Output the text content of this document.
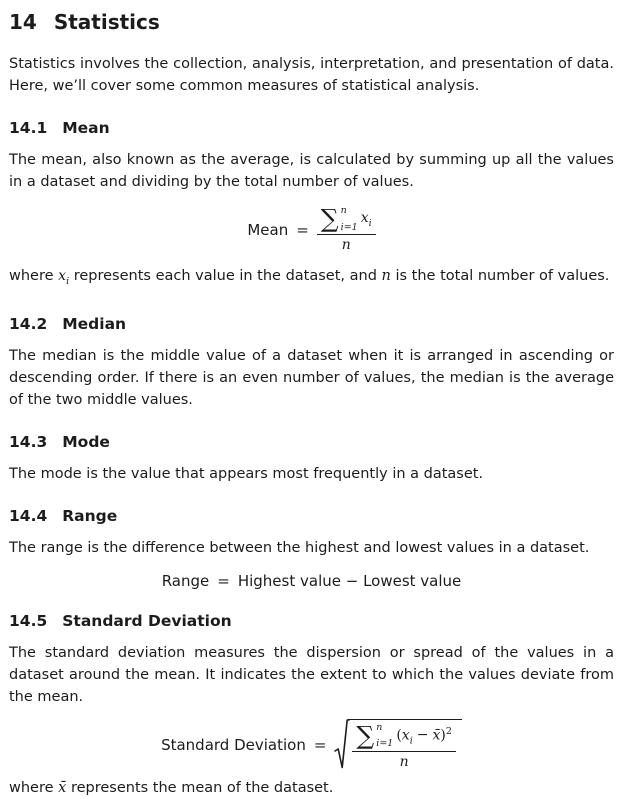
14 Statistics

Statistics involves the collection, analysis, interpretation, and presentation of data. Here, we’ll cover some common measures of statistical analysis.

14.1 Mean

The mean, also known as the average, is calculated by summing up all the values in a dataset and dividing by the total number of values.

Mean = ∑ n
i=1
$x_i$
n

where $x_i$ represents each value in the dataset, and n is the total number of values.

14.2 Median

The median is the middle value of a dataset when it is arranged in ascending or descending order. If there is an even number of values, the median is the average of the two middle values.

14.3 Mode

The mode is the value that appears most frequently in a dataset.

14.4 Range

The range is the difference between the highest and lowest values in a dataset.

Range = Highest value − Lowest value
14.5 Standard Deviation

The standard deviation measures the dispersion or spread of the values in a dataset around the mean. It indicates the extent to which the values deviate from the mean.

Standard Deviation = ∑ n
i=1
($x_i$ − x̄)$^2$
n

where x̄ represents the mean of the dataset.
